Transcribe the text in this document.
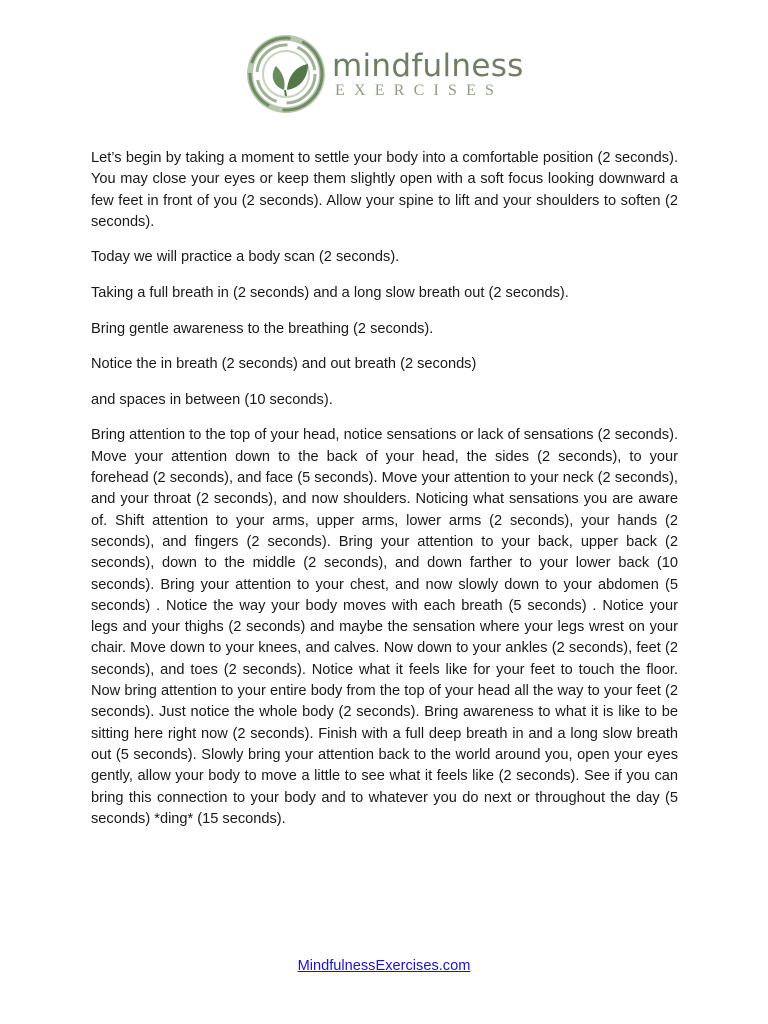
mindfulness
EXERCISES

Let’s begin by taking a moment to settle your body into a comfortable position (2 seconds). You may close your eyes or keep them slightly open with a soft focus looking downward a few feet in front of you (2 seconds). Allow your spine to lift and your shoulders to soften (2 seconds).

Today we will practice a body scan (2 seconds).

Taking a full breath in (2 seconds) and a long slow breath out (2 seconds).

Bring gentle awareness to the breathing (2 seconds).

Notice the in breath (2 seconds) and out breath (2 seconds)

and spaces in between (10 seconds).

Bring attention to the top of your head, notice sensations or lack of sensations (2 seconds). Move your attention down to the back of your head, the sides (2 seconds), to your forehead (2 seconds), and face (5 seconds). Move your attention to your neck (2 seconds), and your throat (2 seconds), and now shoulders. Noticing what sensations you are aware of. Shift attention to your arms, upper arms, lower arms (2 seconds), your hands (2 seconds), and fingers (2 seconds). Bring your attention to your back, upper back (2 seconds), down to the middle (2 seconds), and down farther to your lower back (10 seconds). Bring your attention to your chest, and now slowly down to your abdomen (5 seconds) . Notice the way your body moves with each breath (5 seconds) . Notice your legs and your thighs (2 seconds) and maybe the sensation where your legs wrest on your chair. Move down to your knees, and calves. Now down to your ankles (2 seconds), feet (2 seconds), and toes (2 seconds). Notice what it feels like for your feet to touch the floor. Now bring attention to your entire body from the top of your head all the way to your feet (2 seconds). Just notice the whole body (2 seconds). Bring awareness to what it is like to be sitting here right now (2 seconds). Finish with a full deep breath in and a long slow breath out (5 seconds). Slowly bring your attention back to the world around you, open your eyes gently, allow your body to move a little to see what it feels like (2 seconds). See if you can bring this connection to your body and to whatever you do next or throughout the day (5 seconds) *ding* (15 seconds).

MindfulnessExercises.com
